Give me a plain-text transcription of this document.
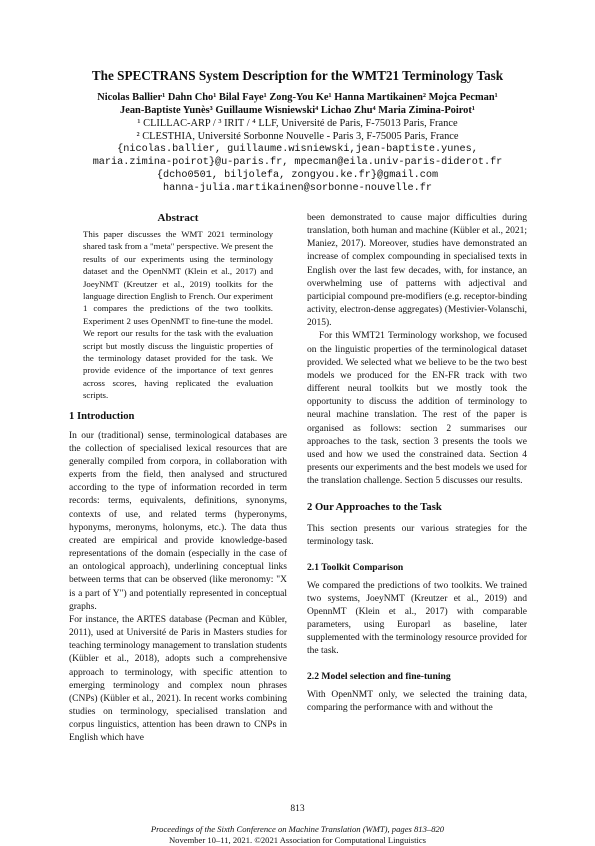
The SPECTRANS System Description for the WMT21 Terminology Task
Nicolas Ballier¹ Dahn Cho¹ Bilal Faye¹ Zong-You Ke¹ Hanna Martikainen² Mojca Pecman¹
Jean-Baptiste Yunès³ Guillaume Wisniewski⁴ Lichao Zhu⁴ Maria Zimina-Poirot¹
¹ CLILLAC-ARP / ³ IRIT / ⁴ LLF, Université de Paris, F-75013 Paris, France
² CLESTHIA, Université Sorbonne Nouvelle - Paris 3, F-75005 Paris, France
{nicolas.ballier, guillaume.wisniewski,jean-baptiste.yunes,
maria.zimina-poirot}@u-paris.fr, mpecman@eila.univ-paris-diderot.fr
{dcho0501, biljolefa, zongyou.ke.fr}@gmail.com
hanna-julia.martikainen@sorbonne-nouvelle.fr
Abstract

This paper discusses the WMT 2021 terminology shared task from a "meta" perspective. We present the results of our experiments using the terminology dataset and the OpenNMT (Klein et al., 2017) and JoeyNMT (Kreutzer et al., 2019) toolkits for the language direction English to French. Our experiment 1 compares the predictions of the two toolkits. Experiment 2 uses OpenNMT to fine-tune the model. We report our results for the task with the evaluation script but mostly discuss the linguistic properties of the terminology dataset provided for the task. We provide evidence of the importance of text genres across scores, having replicated the evaluation scripts.

1 Introduction

In our (traditional) sense, terminological databases are the collection of specialised lexical resources that are generally compiled from corpora, in collaboration with experts from the field, then analysed and structured according to the type of information recorded in term records: terms, equivalents, definitions, synonyms, contexts of use, and related terms (hyperonyms, hyponyms, meronyms, holonyms, etc.). The data thus created are empirical and provide knowledge-based representations of the domain (especially in the case of an ontological approach), underlining conceptual links between terms that can be observed (like meronomy: "X is a part of Y") and potentially represented in conceptual graphs.

For instance, the ARTES database (Pecman and Kübler, 2011), used at Université de Paris in Masters studies for teaching terminology management to translation students (Kübler et al., 2018), adopts such a comprehensive approach to terminology, with specific attention to emerging terminology and complex noun phrases (CNPs) (Kübler et al., 2021). In recent works combining studies on terminology, specialised translation and corpus linguistics, attention has been drawn to CNPs in English which have

been demonstrated to cause major difficulties during translation, both human and machine (Kübler et al., 2021; Maniez, 2017). Moreover, studies have demonstrated an increase of complex compounding in specialised texts in English over the last few decades, with, for instance, an overwhelming use of patterns with adjectival and participial compound pre-modifiers (e.g. receptor-binding activity, electron-dense aggregates) (Mestivier-Volanschi, 2015).

For this WMT21 Terminology workshop, we focused on the linguistic properties of the terminological dataset provided. We selected what we believe to be the two best models we produced for the EN-FR track with two different neural toolkits but we mostly took the opportunity to discuss the addition of terminology to neural machine translation. The rest of the paper is organised as follows: section 2 summarises our approaches to the task, section 3 presents the tools we used and how we used the constrained data. Section 4 presents our experiments and the best models we used for the translation challenge. Section 5 discusses our results.

2 Our Approaches to the Task

This section presents our various strategies for the terminology task.

2.1 Toolkit Comparison

We compared the predictions of two toolkits. We trained two systems, JoeyNMT (Kreutzer et al., 2019) and OpennMT (Klein et al., 2017) with comparable parameters, using Europarl as baseline, later supplemented with the terminology resource provided for the task.

2.2 Model selection and fine-tuning

With OpenNMT only, we selected the training data, comparing the performance with and without the

813
Proceedings of the Sixth Conference on Machine Translation (WMT), pages 813–820
November 10–11, 2021. ©2021 Association for Computational Linguistics
